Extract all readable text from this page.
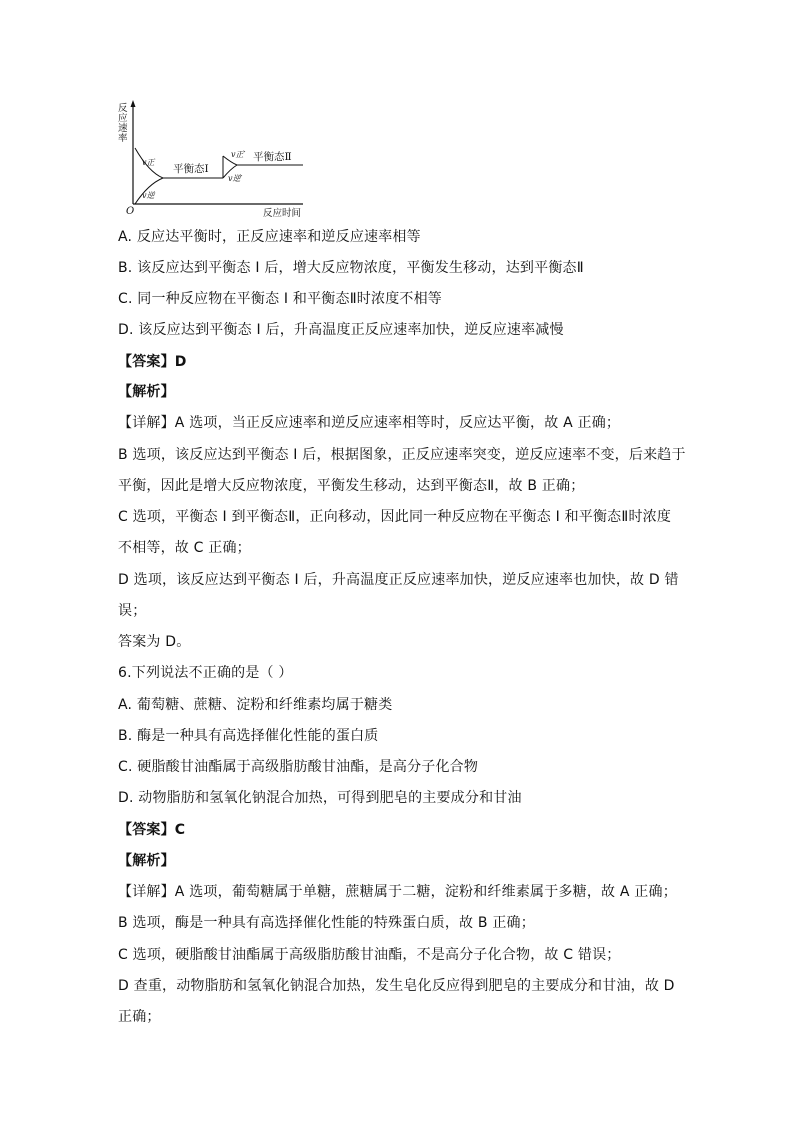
反
应
速
率
O	反应时间
v正
v逆
平衡态Ⅰ
v正′ 平衡态Ⅱ
v逆′
A. 反应达平衡时，正反应速率和逆反应速率相等
B. 该反应达到平衡态 I 后，增大反应物浓度，平衡发生移动，达到平衡态Ⅱ
C. 同一种反应物在平衡态 I 和平衡态Ⅱ时浓度不相等
D. 该反应达到平衡态 I 后，升高温度正反应速率加快，逆反应速率减慢
【答案】D
【解析】
【详解】A 选项，当正反应速率和逆反应速率相等时，反应达平衡，故 A 正确；
B 选项，该反应达到平衡态 I 后，根据图象，正反应速率突变，逆反应速率不变，后来趋于
平衡，因此是增大反应物浓度，平衡发生移动，达到平衡态Ⅱ，故 B 正确；
C 选项，平衡态 I 到平衡态Ⅱ，正向移动，因此同一种反应物在平衡态 I 和平衡态Ⅱ时浓度
不相等，故 C 正确；
D 选项，该反应达到平衡态 I 后，升高温度正反应速率加快，逆反应速率也加快，故 D 错
误；
答案为 D。
6.下列说法不正确的是（ ）
A. 葡萄糖、蔗糖、淀粉和纤维素均属于糖类
B. 酶是一种具有高选择催化性能的蛋白质
C. 硬脂酸甘油酯属于高级脂肪酸甘油酯，是高分子化合物
D. 动物脂肪和氢氧化钠混合加热，可得到肥皂的主要成分和甘油
【答案】C
【解析】
【详解】A 选项，葡萄糖属于单糖，蔗糖属于二糖，淀粉和纤维素属于多糖，故 A 正确；
B 选项，酶是一种具有高选择催化性能的特殊蛋白质，故 B 正确；
C 选项，硬脂酸甘油酯属于高级脂肪酸甘油酯，不是高分子化合物，故 C 错误；
D 查重，动物脂肪和氢氧化钠混合加热，发生皂化反应得到肥皂的主要成分和甘油，故 D
正确；
